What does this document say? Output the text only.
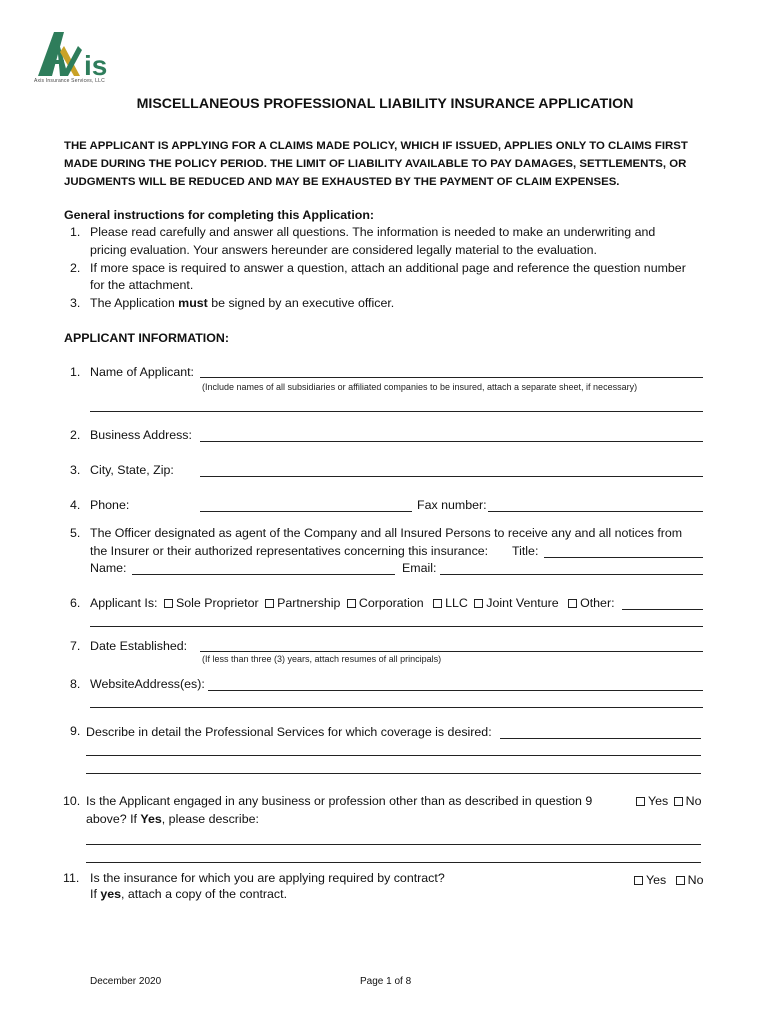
is
Axis Insurance Services, LLC
MISCELLANEOUS PROFESSIONAL LIABILITY INSURANCE APPLICATION
THE APPLICANT IS APPLYING FOR A CLAIMS MADE POLICY, WHICH IF ISSUED, APPLIES ONLY TO CLAIMS FIRST
MADE DURING THE POLICY PERIOD. THE LIMIT OF LIABILITY AVAILABLE TO PAY DAMAGES, SETTLEMENTS, OR
JUDGMENTS WILL BE REDUCED AND MAY BE EXHAUSTED BY THE PAYMENT OF CLAIM EXPENSES.
General instructions for completing this Application:
1. Please read carefully and answer all questions. The information is needed to make an underwriting and
pricing evaluation. Your answers hereunder are considered legally material to the evaluation.
2. If more space is required to answer a question, attach an additional page and reference the question number
for the attachment.
3. The Application must be signed by an executive officer.
APPLICANT INFORMATION:
1. Name of Applicant:
(Include names of all subsidiaries or affiliated companies to be insured, attach a separate sheet, if necessary)
2. Business Address:
3. City, State, Zip:
4. Phone:	Fax number:
5. The Officer designated as agent of the Company and all Insured Persons to receive any and all notices from
the Insurer or their authorized representatives concerning this insurance: Title:
Name:	Email:
6. Applicant Is: Sole Proprietor Partnership Corporation LLC Joint Venture Other:
7. Date Established:
(If less than three (3) years, attach resumes of all principals)
8. WebsiteAddress(es):
9. Describe in detail the Professional Services for which coverage is desired:
10. Is the Applicant engaged in any business or profession other than as described in question 9
above? If Yes, please describe:
Yes No
11. Is the insurance for which you are applying required by contract?
If yes, attach a copy of the contract.
Yes No
December 2020	Page 1 of 8
